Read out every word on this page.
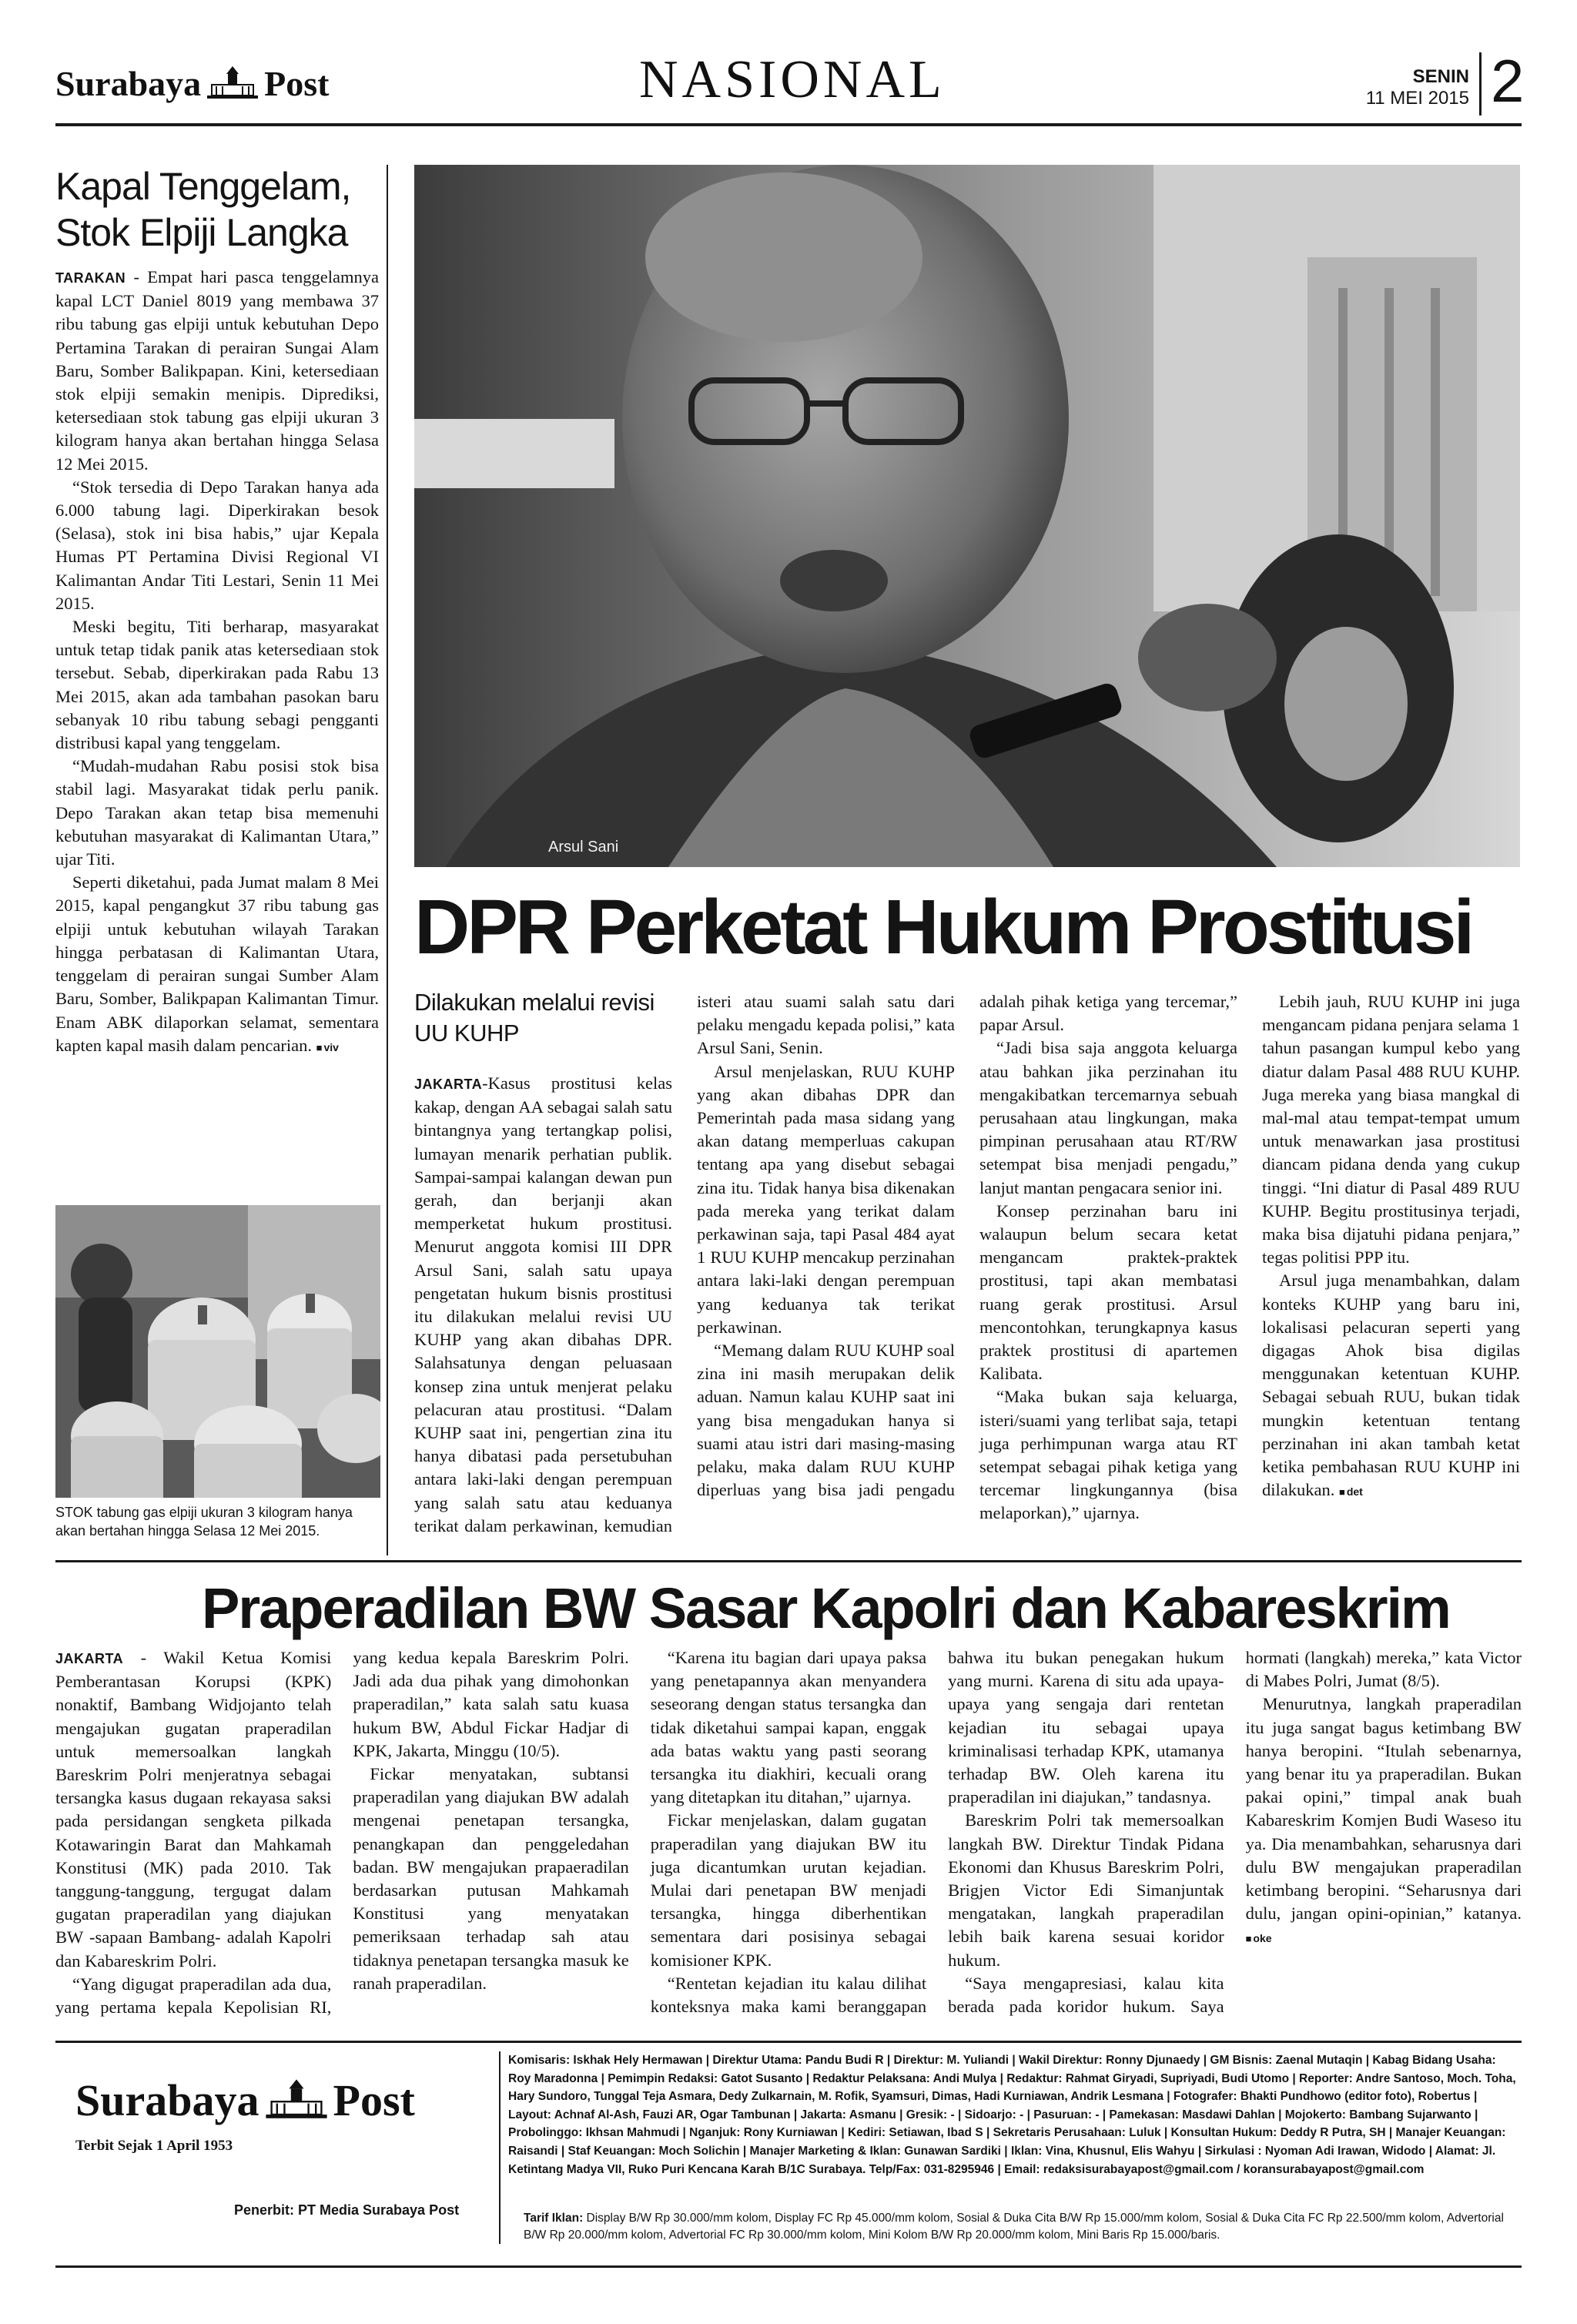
Surabaya Post	NASIONAL	SENIN
11 MEI 2015 2
Kapal Tenggelam, Stok Elpiji Langka

TARAKAN - Empat hari pasca tenggelamnya kapal LCT Daniel 8019 yang membawa 37 ribu tabung gas elpiji untuk kebutuhan Depo Pertamina Tarakan di perairan Sungai Alam Baru, Somber Balikpapan. Kini, ketersediaan stok elpiji semakin menipis. Diprediksi, ketersediaan stok tabung gas elpiji ukuran 3 kilogram hanya akan bertahan hingga Selasa 12 Mei 2015.

“Stok tersedia di Depo Tarakan hanya ada 6.000 tabung lagi. Diperkirakan besok (Selasa), stok ini bisa habis,” ujar Kepala Humas PT Pertamina Divisi Regional VI Kalimantan Andar Titi Lestari, Senin 11 Mei 2015.

Meski begitu, Titi berharap, masyarakat untuk tetap tidak panik atas ketersediaan stok tersebut. Sebab, diperkirakan pada Rabu 13 Mei 2015, akan ada tambahan pasokan baru sebanyak 10 ribu tabung sebagi pengganti distribusi kapal yang tenggelam.

“Mudah-mudahan Rabu posisi stok bisa stabil lagi. Masyarakat tidak perlu panik. Depo Tarakan akan tetap bisa memenuhi kebutuhan masyarakat di Kalimantan Utara,” ujar Titi.

Seperti diketahui, pada Jumat malam 8 Mei 2015, kapal pengangkut 37 ribu tabung gas elpiji untuk kebutuhan wilayah Tarakan hingga perbatasan di Kalimantan Utara, tenggelam di perairan sungai Sumber Alam Baru, Somber, Balikpapan Kalimantan Timur. Enam ABK dilaporkan selamat, sementara kapten kapal masih dalam pencarian. ■ viv

STOK tabung gas elpiji ukuran 3 kilogram hanya akan bertahan hingga Selasa 12 Mei 2015.
Arsul Sani
DPR Perketat Hukum Prostitusi
Dilakukan melalui revisi UU KUHP

JAKARTA-Kasus prostitusi kelas kakap, dengan AA sebagai salah satu bintangnya yang tertangkap polisi, lumayan menarik perhatian publik. Sampai-sampai kalangan dewan pun gerah, dan berjanji akan memperketat hukum prostitusi. Menurut anggota komisi III DPR Arsul Sani, salah satu upaya pengetatan hukum bisnis prostitusi itu dilakukan melalui revisi UU KUHP yang akan dibahas DPR. Salahsatunya dengan peluasaan konsep zina untuk menjerat pelaku pelacuran atau prostitusi. “Dalam KUHP saat ini, pengertian zina itu hanya dibatasi pada persetubuhan antara laki-laki dengan perempuan yang salah satu atau keduanya terikat dalam perkawinan, kemudian isteri atau suami salah satu dari pelaku mengadu kepada polisi,” kata Arsul Sani, Senin.

Arsul menjelaskan, RUU KUHP yang akan dibahas DPR dan Pemerintah pada masa sidang yang akan datang memperluas cakupan tentang apa yang disebut sebagai zina itu. Tidak hanya bisa dikenakan pada mereka yang terikat dalam perkawinan saja, tapi Pasal 484 ayat 1 RUU KUHP mencakup perzinahan antara laki-laki dengan perempuan yang keduanya tak terikat perkawinan.

“Memang dalam RUU KUHP soal zina ini masih merupakan delik aduan. Namun kalau KUHP saat ini yang bisa mengadukan hanya si suami atau istri dari masing-masing pelaku, maka dalam RUU KUHP diperluas yang bisa jadi pengadu adalah pihak ketiga yang tercemar,” papar Arsul.

“Jadi bisa saja anggota keluarga atau bahkan jika perzinahan itu mengakibatkan tercemarnya sebuah perusahaan atau lingkungan, maka pimpinan perusahaan atau RT/RW setempat bisa menjadi pengadu,” lanjut mantan pengacara senior ini.

Konsep perzinahan baru ini walaupun belum secara ketat mengancam praktek-praktek prostitusi, tapi akan membatasi ruang gerak prostitusi. Arsul mencontohkan, terungkapnya kasus praktek prostitusi di apartemen Kalibata.

“Maka bukan saja keluarga, isteri/suami yang terlibat saja, tetapi juga perhimpunan warga atau RT setempat sebagai pihak ketiga yang tercemar lingkungannya (bisa melaporkan),” ujarnya.

Lebih jauh, RUU KUHP ini juga mengancam pidana penjara selama 1 tahun pasangan kumpul kebo yang diatur dalam Pasal 488 RUU KUHP. Juga mereka yang biasa mangkal di mal-mal atau tempat-tempat umum untuk menawarkan jasa prostitusi diancam pidana denda yang cukup tinggi. “Ini diatur di Pasal 489 RUU KUHP. Begitu prostitusinya terjadi, maka bisa dijatuhi pidana penjara,” tegas politisi PPP itu.

Arsul juga menambahkan, dalam konteks KUHP yang baru ini, lokalisasi pelacuran seperti yang digagas Ahok bisa digilas menggunakan ketentuan KUHP. Sebagai sebuah RUU, bukan tidak mungkin ketentuan tentang perzinahan ini akan tambah ketat ketika pembahasan RUU KUHP ini dilakukan. ■ det

Praperadilan BW Sasar Kapolri dan Kabareskrim

JAKARTA - Wakil Ketua Komisi Pemberantasan Korupsi (KPK) nonaktif, Bambang Widjojanto telah mengajukan gugatan praperadilan untuk memersoalkan langkah Bareskrim Polri menjeratnya sebagai tersangka kasus dugaan rekayasa saksi pada persidangan sengketa pilkada Kotawaringin Barat dan Mahkamah Konstitusi (MK) pada 2010. Tak tanggung-tanggung, tergugat dalam gugatan praperadilan yang diajukan BW -sapaan Bambang- adalah Kapolri dan Kabareskrim Polri.

“Yang digugat praperadilan ada dua, yang pertama kepala Kepolisian RI, yang kedua kepala Bareskrim Polri. Jadi ada dua pihak yang dimohonkan praperadilan,” kata salah satu kuasa hukum BW, Abdul Fickar Hadjar di KPK, Jakarta, Minggu (10/5).

Fickar menyatakan, subtansi praperadilan yang diajukan BW adalah mengenai penetapan tersangka, penangkapan dan penggeledahan badan. BW mengajukan prapaeradilan berdasarkan putusan Mahkamah Konstitusi yang menyatakan pemeriksaan terhadap sah atau tidaknya penetapan tersangka masuk ke ranah praperadilan.

“Karena itu bagian dari upaya paksa yang penetapannya akan menyandera seseorang dengan status tersangka dan tidak diketahui sampai kapan, enggak ada batas waktu yang pasti seorang tersangka itu diakhiri, kecuali orang yang ditetapkan itu ditahan,” ujarnya.

Fickar menjelaskan, dalam gugatan praperadilan yang diajukan BW itu juga dicantumkan urutan kejadian. Mulai dari penetapan BW menjadi tersangka, hingga diberhentikan sementara dari posisinya sebagai komisioner KPK.

“Rentetan kejadian itu kalau dilihat konteksnya maka kami beranggapan bahwa itu bukan penegakan hukum yang murni. Karena di situ ada upaya-upaya yang sengaja dari rentetan kejadian itu sebagai upaya kriminalisasi terhadap KPK, utamanya terhadap BW. Oleh karena itu praperadilan ini diajukan,” tandasnya.

Bareskrim Polri tak memersoalkan langkah BW. Direktur Tindak Pidana Ekonomi dan Khusus Bareskrim Polri, Brigjen Victor Edi Simanjuntak mengatakan, langkah praperadilan lebih baik karena sesuai koridor hukum.

“Saya mengapresiasi, kalau kita berada pada koridor hukum. Saya hormati (langkah) mereka,” kata Victor di Mabes Polri, Jumat (8/5).

Menurutnya, langkah praperadilan itu juga sangat bagus ketimbang BW hanya beropini. “Itulah sebenarnya, yang benar itu ya praperadilan. Bukan pakai opini,” timpal anak buah Kabareskrim Komjen Budi Waseso itu ya. Dia menambahkan, seharusnya dari dulu BW mengajukan praperadilan ketimbang beropini. “Seharusnya dari dulu, jangan opini-opinian,” katanya. ■ oke

Surabaya Post
Terbit Sejak 1 April 1953
Penerbit: PT Media Surabaya Post
Komisaris: Iskhak Hely Hermawan | Direktur Utama: Pandu Budi R | Direktur: M. Yuliandi | Wakil Direktur: Ronny Djunaedy | GM Bisnis: Zaenal Mutaqin | Kabag Bidang Usaha: Roy Maradonna | Pemimpin Redaksi: Gatot Susanto | Redaktur Pelaksana: Andi Mulya | Redaktur: Rahmat Giryadi, Supriyadi, Budi Utomo | Reporter: Andre Santoso, Moch. Toha, Hary Sundoro, Tunggal Teja Asmara, Dedy Zulkarnain, M. Rofik, Syamsuri, Dimas, Hadi Kurniawan, Andrik Lesmana | Fotografer: Bhakti Pundhowo (editor foto), Robertus | Layout: Achnaf Al-Ash, Fauzi AR, Ogar Tambunan | Jakarta: Asmanu | Gresik: - | Sidoarjo: - | Pasuruan: - | Pamekasan: Masdawi Dahlan | Mojokerto: Bambang Sujarwanto | Probolinggo: Ikhsan Mahmudi | Nganjuk: Rony Kurniawan | Kediri: Setiawan, Ibad S | Sekretaris Perusahaan: Luluk | Konsultan Hukum: Deddy R Putra, SH | Manajer Keuangan: Raisandi | Staf Keuangan: Moch Solichin | Manajer Marketing & Iklan: Gunawan Sardiki | Iklan: Vina, Khusnul, Elis Wahyu | Sirkulasi : Nyoman Adi Irawan, Widodo | Alamat: Jl. Ketintang Madya VII, Ruko Puri Kencana Karah B/1C Surabaya. Telp/Fax: 031-8295946 | Email: redaksisurabayapost@gmail.com / koransurabayapost@gmail.com
Tarif Iklan: Display B/W Rp 30.000/mm kolom, Display FC Rp 45.000/mm kolom, Sosial & Duka Cita B/W Rp 15.000/mm kolom, Sosial & Duka Cita FC Rp 22.500/mm kolom, Advertorial B/W Rp 20.000/mm kolom, Advertorial FC Rp 30.000/mm kolom, Mini Kolom B/W Rp 20.000/mm kolom, Mini Baris Rp 15.000/baris.
